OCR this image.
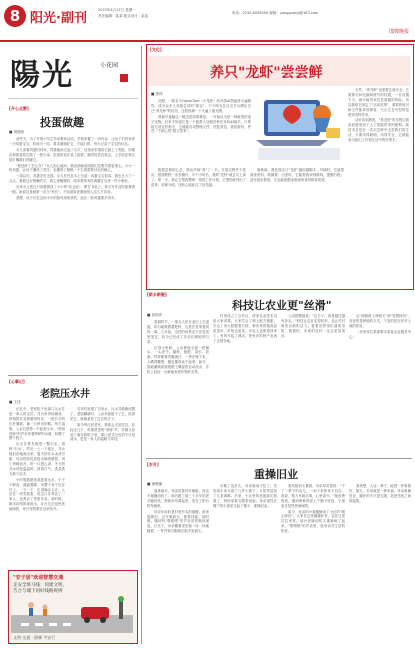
8 阳光·副刊
2023年4月17日 星期一
责任编辑：某某 版式设计：某某
电话：0310-6058200 邮箱：yangguang@163.com
邯郸晚报
陽光	小花园
[开心点赞]
投蛋做趣
■ 刘德伟

前些天，为了开展小学生劳动教育活动，学校布置了一份作业：让孩子们回家养一只鸡蛋宝宝，时间为一周，要求照顾好它，不能打碎，每天记录下宝宝的状态。

女儿拿着鸡蛋回到家，郑重地给它起了名字，还找来彩笔给它画上了笑脸，用棉花和纸盒给它做了一张小床。吃饭时放在桌上陪着，睡觉时放在枕边，上学前还要反复叮嘱我们别碰它。

"要是碎了怎么办？"女儿担心地问。我说那就说明我们还要学着更细心。小小一枚鸡蛋，让孩子懂得了责任，也懂得了照顾一个生命需要付出的耐心。

一周以后，鸡蛋完好无损。女儿在作业本上写道：鸡蛋宝宝很乖，我也长大了一点点。看着这行稚嫩的字，我心里暖暖的，原来教育有时就藏在这样一件小事里。

后来女儿把这只鸡蛋做成了小小的"纪念品"，摆在书桌上，每天写作业时都要看一眼。她说这是她第一次当"家长"，才知道原来照顾别人这么不容易。

我想，孩子们在这场小小的游戏里收获的，远比一枚鸡蛋要多得多。

[心事记]
老院压水井
■ 王佳

记忆中，老家院子里那口压水井是一家人的宝贝。井台用青砖砌成，铁铸的井身被磨得锃亮，一根长长的压杆翘着，像一只昂首的鹤。每天清晨，父亲总是第一个起来压水，"吱呀吱呀"的声音伴着哗哗的水流，叫醒了整个院子。

压水井要先倒进一瓢引水，俗称"引水"，然后一上一下地压，井水便汩汩地流出来。夏天的井水冰凉甘甜，母亲把西瓜放进水桶里镇着，到了傍晚切开，咬一口透心凉。冬天的井水却是温温的，冒着白气，洗菜洗衣都不冻手。

小时候我最喜欢抢着压水，个子不够高，就踮着脚、用整个身子压在杆上，一下一下，压得满头大汗。父亲在一旁笑着看，说这口井养活了一家人，也养活了邻里乡亲。那时候，街坊四邻都来挑水，井台边总是热热闹闹的，家长里短都在这里传开。

后来村里通了自来水，压水井渐渐闲置了。老屋翻新时，父亲执意留下了它，说看见它，就像看见了过去的日子。

如今每次回老家，我都会走到井边，轻轻压几下，听那熟悉的"吱呀"声，仿佛又回到了童年的院子里。那口老井压出的不只是清水，更是一家人的温暖与牵挂。

"安子居"欢迎智慧交通
走安全斑马线：同建文明，
告合与城下同好线路规则
文明 交通 · 邯郸 平安行
[文化]
养只"龙虾"尝尝鲜
■ 张梓

近期，一款名为OpenClaw（小龙虾）的开源AI智能体火遍网络，成为众多人竞相尝试的"新宠"。不少网友在社交平台晒出自己"养龙虾"的经历，这股热潮一下火遍了朋友圈。

我最早接触这一概念是同事推荐，一开始以为是一种新型的电子宠物，后来才知道它是一个能帮人处理各种任务的AI助手。只要给它设定好指令，它就能自动整理文件、回复消息、查找资料，俨然一个贴心的"数字管家"。

当然，"养龙虾"也需要注意安全。它需要访问电脑和账号的权限，一旦设置不当，就可能带来信息泄露的风险。所以我给它划定了"活动范围"，重要的账号和文件都单独保管，只让它在可控的范围里发挥作用。

从好奇到熟练，"养龙虾"的过程让我真切感受到了人工智能带来的便利。新技术总是在一次次尝鲜中走进我们的生活，只要用得聪明、用得安全，它就能成为我们工作和生活中的好帮手。

抱着尝鲜的心态，我也开始"养"了一只。安装过程并不复杂，按照教程一步步操作，半个小时后，我的"龙虾"就正式上岗了。第一天，我让它帮我整理一周的工作计划，它很快就列出了清单，条理分明，还贴心地标注了优先级。

渐渐地，我发现这只"龙虾"越用越顺手。写稿时，它能帮我查资料、做摘要；出差时，它能帮我规划路线、提醒行程；甚至周末做饭，它也能根据冰箱里的食材推荐菜谱。

[新乡新貌]
科技让农业更"丝滑"
■ 祁国庆

春耕时节，一架无人机在麦田上空盘旋，均匀地喷洒着肥料，这是在老家看到的一幕。几年前，这样的场景还只在电视里见过，如今已经成了乡亲们种地的日常。

记得小时候，父亲种地全靠一把锄头、一头老牛。播种、施肥、浇水、收割，样样都要弯腰流汗，一季庄稼下来，人晒得黝黑，腰也累得直不起来。如今，智能灌溉系统根据土壤湿度自动浇水，手机上轻轻一点就能查看作物的长势。

村里成立了合作社，请来农业技术员给大家讲课。大家学会了测土配方施肥，学会了用大数据看行情，种出来的粮食品质更好，价格也更高。年轻人也愿意回来了，有的开起了网店，把家乡的特产卖到了全国各地。

父亲感慨地说："这日子，真是越过越有奔头。"科技让农业变得轻松，也让乡村焕发出新的活力。看着田野里忙碌的身影，我相信，未来的农村一定会更加美好。

从"面朝黄土背朝天"到"智慧种田"，变化的是种地的方式，不变的是农民对土地的热爱。

（作者单位系邯郸市某某农业服务中心）

[岁月]
重操旧业
■ 徐俊丽

退休那年，母亲说要好好歇歇，再也不碰缝纫机了。那台跟了她三十多年的老式缝纫机，被她用布罩起来，放在了阳台的角落里。

母亲年轻时是村里有名的裁缝，谁家娶媳妇、过年做新衣，都要找她。那时候，缝纫机"嗒嗒嗒"的声音常常响到深夜，灯光下，母亲戴着老花镜一针一线地缝着，一件件新衣服就在她手里诞生。

可歇了没多久，母亲就闲不住了。先是给小孙女做了几件小裙子，又帮邻居改了几条裤脚。后来，小区里的老姐妹们知道了，纷纷拿着衣服来找她。母亲索性在楼下的小屋里支起了摊子，重操旧业。

我劝她别太累着，母亲却笑着说："干了一辈子的活儿，一闲下来浑身不自在。再说，帮大家做点事，心里高兴。"她收费很低，遇到困难的老人干脆不收钱，小屋里总是热热闹闹的。

如今，母亲的小裁缝铺成了小区的"暖心驿站"。大家在这里缝缝补补，也在这里拉拉家常。那台老缝纫机又重新响了起来，"嗒嗒嗒"的声音里，是母亲对生活的热爱。

我常想，人这一辈子，能把一件事做好、做久，本身就是一种幸福。母亲重操旧业，缝补的不只是衣服，更是邻里之间的温情。
